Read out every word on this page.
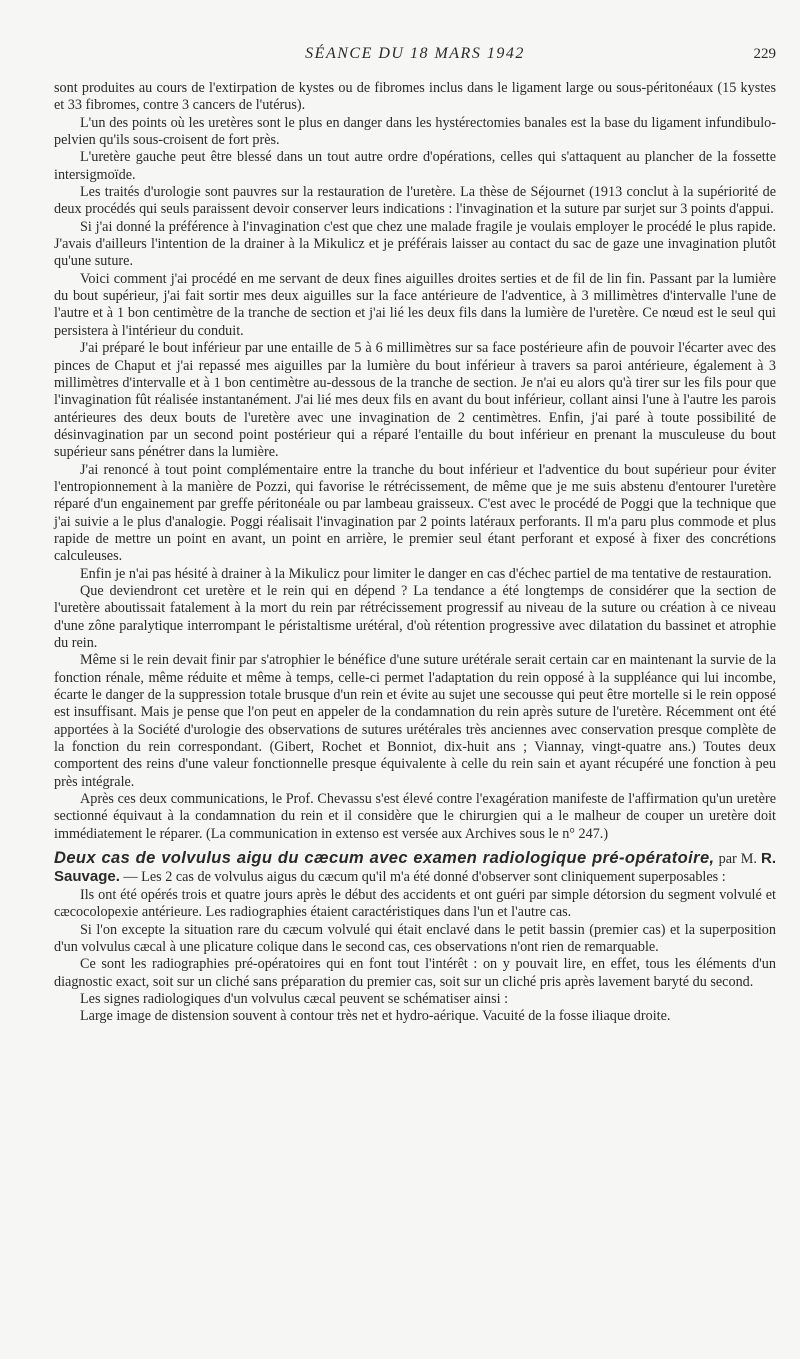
SÉANCE DU 18 MARS 1942	229

sont produites au cours de l'extirpation de kystes ou de fibromes inclus dans le ligament large ou sous-péritonéaux (15 kystes et 33 fibromes, contre 3 cancers de l'utérus).

L'un des points où les uretères sont le plus en danger dans les hystérectomies banales est la base du ligament infundibulo-pelvien qu'ils sous-croisent de fort près.

L'uretère gauche peut être blessé dans un tout autre ordre d'opérations, celles qui s'attaquent au plancher de la fossette intersigmoïde.

Les traités d'urologie sont pauvres sur la restauration de l'uretère. La thèse de Séjournet (1913 conclut à la supériorité de deux procédés qui seuls paraissent devoir conserver leurs indications : l'invagination et la suture par surjet sur 3 points d'appui.

Si j'ai donné la préférence à l'invagination c'est que chez une malade fragile je voulais employer le procédé le plus rapide. J'avais d'ailleurs l'intention de la drainer à la Mikulicz et je préférais laisser au contact du sac de gaze une invagination plutôt qu'une suture.

Voici comment j'ai procédé en me servant de deux fines aiguilles droites serties et de fil de lin fin. Passant par la lumière du bout supérieur, j'ai fait sortir mes deux aiguilles sur la face antérieure de l'adventice, à 3 millimètres d'intervalle l'une de l'autre et à 1 bon centimètre de la tranche de section et j'ai lié les deux fils dans la lumière de l'uretère. Ce nœud est le seul qui persistera à l'intérieur du conduit.

J'ai préparé le bout inférieur par une entaille de 5 à 6 millimètres sur sa face postérieure afin de pouvoir l'écarter avec des pinces de Chaput et j'ai repassé mes aiguilles par la lumière du bout inférieur à travers sa paroi antérieure, également à 3 millimètres d'intervalle et à 1 bon centimètre au-dessous de la tranche de section. Je n'ai eu alors qu'à tirer sur les fils pour que l'invagination fût réalisée instantanément. J'ai lié mes deux fils en avant du bout inférieur, collant ainsi l'une à l'autre les parois antérieures des deux bouts de l'uretère avec une invagination de 2 centimètres. Enfin, j'ai paré à toute possibilité de désinvagination par un second point postérieur qui a réparé l'entaille du bout inférieur en prenant la musculeuse du bout supérieur sans pénétrer dans la lumière.

J'ai renoncé à tout point complémentaire entre la tranche du bout inférieur et l'adventice du bout supérieur pour éviter l'entropionnement à la manière de Pozzi, qui favorise le rétrécissement, de même que je me suis abstenu d'entourer l'uretère réparé d'un engainement par greffe péritonéale ou par lambeau graisseux. C'est avec le procédé de Poggi que la technique que j'ai suivie a le plus d'analogie. Poggi réalisait l'invagination par 2 points latéraux perforants. Il m'a paru plus commode et plus rapide de mettre un point en avant, un point en arrière, le premier seul étant perforant et exposé à fixer des concrétions calculeuses.

Enfin je n'ai pas hésité à drainer à la Mikulicz pour limiter le danger en cas d'échec partiel de ma tentative de restauration.

Que deviendront cet uretère et le rein qui en dépend ? La tendance a été longtemps de considérer que la section de l'uretère aboutissait fatalement à la mort du rein par rétrécissement progressif au niveau de la suture ou création à ce niveau d'une zône paralytique interrompant le péristaltisme urétéral, d'où rétention progressive avec dilatation du bassinet et atrophie du rein.

Même si le rein devait finir par s'atrophier le bénéfice d'une suture urétérale serait certain car en maintenant la survie de la fonction rénale, même réduite et même à temps, celle-ci permet l'adaptation du rein opposé à la suppléance qui lui incombe, écarte le danger de la suppression totale brusque d'un rein et évite au sujet une secousse qui peut être mortelle si le rein opposé est insuffisant. Mais je pense que l'on peut en appeler de la condamnation du rein après suture de l'uretère. Récemment ont été apportées à la Société d'urologie des observations de sutures urétérales très anciennes avec conservation presque complète de la fonction du rein correspondant. (Gibert, Rochet et Bonniot, dix-huit ans ; Viannay, vingt-quatre ans.) Toutes deux comportent des reins d'une valeur fonctionnelle presque équivalente à celle du rein sain et ayant récupéré une fonction à peu près intégrale.

Après ces deux communications, le Prof. Chevassu s'est élevé contre l'exagération manifeste de l'affirmation qu'un uretère sectionné équivaut à la condamnation du rein et il considère que le chirurgien qui a le malheur de couper un uretère doit immédiatement le réparer. (La communication in extenso est versée aux Archives sous le n° 247.)

Deux cas de volvulus aigu du cæcum avec examen radiologique pré-opératoire, par M. R. Sauvage. — Les 2 cas de volvulus aigus du cæcum qu'il m'a été donné d'observer sont cliniquement superposables :

Ils ont été opérés trois et quatre jours après le début des accidents et ont guéri par simple détorsion du segment volvulé et cæcocolopexie antérieure. Les radiographies étaient caractéristiques dans l'un et l'autre cas.

Si l'on excepte la situation rare du cæcum volvulé qui était enclavé dans le petit bassin (premier cas) et la superposition d'un volvulus cæcal à une plicature colique dans le second cas, ces observations n'ont rien de remarquable.

Ce sont les radiographies pré-opératoires qui en font tout l'intérêt : on y pouvait lire, en effet, tous les éléments d'un diagnostic exact, soit sur un cliché sans préparation du premier cas, soit sur un cliché pris après lavement baryté du second.

Les signes radiologiques d'un volvulus cæcal peuvent se schématiser ainsi :

Large image de distension souvent à contour très net et hydro-aérique. Vacuité de la fosse iliaque droite.
